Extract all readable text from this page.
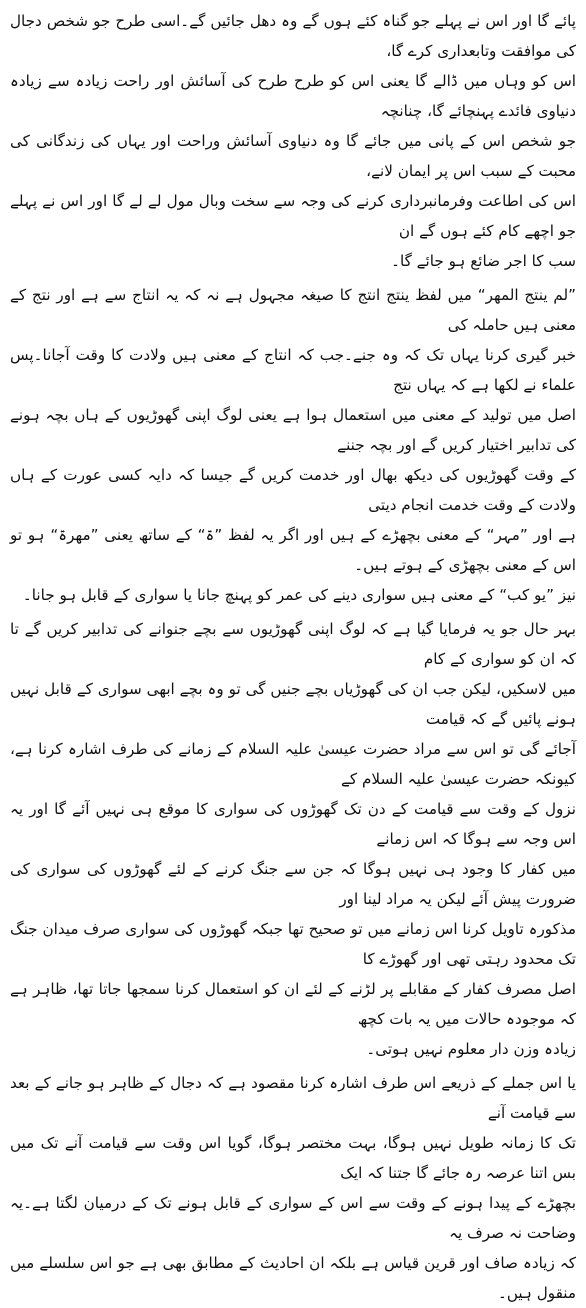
پائے گا اور اس نے پہلے جو گناہ کئے ہوں گے وہ دھل جائیں گے۔اسی طرح جو شخص دجال کی موافقت وتابعداری کرے گا،
اس کو وہاں میں ڈالے گا یعنی اس کو طرح طرح کی آسائش اور راحت زیادہ سے زیادہ دنیاوی فائدے پہنچائے گا، چنانچہ
جو شخص اس کے پانی میں جائے گا وہ دنیاوی آسائش وراحت اور یہاں کی زندگانی کی محبت کے سبب اس پر ایمان لانے،
اس کی اطاعت وفرمانبرداری کرنے کی وجہ سے سخت وبال مول لے لے گا اور اس نے پہلے جو اچھے کام کئے ہوں گے ان
سب کا اجر ضائع ہو جائے گا۔

”لم ینتج المھر“ میں لفظ ینتج انتج کا صیغہ مجہول ہے نہ کہ یہ انتاج سے ہے اور نتج کے معنی ہیں حاملہ کی
خبر گیری کرنا یہاں تک کہ وہ جنے۔جب کہ انتاج کے معنی ہیں ولادت کا وقت آجانا۔پس علماء نے لکھا ہے کہ یہاں نتج
اصل میں تولید کے معنی میں استعمال ہوا ہے یعنی لوگ اپنی گھوڑیوں کے ہاں بچہ ہونے کی تدابیر اختیار کریں گے اور بچہ جننے
کے وقت گھوڑیوں کی دیکھ بھال اور خدمت کریں گے جیسا کہ دایہ کسی عورت کے ہاں ولادت کے وقت خدمت انجام دیتی
ہے اور ”مہر“ کے معنی بچھڑے کے ہیں اور اگر یہ لفظ ”ۃ“ کے ساتھ یعنی ”مھرۃ“ ہو تو اس کے معنی بچھڑی کے ہوتے ہیں۔
نیز ”یو کب“ کے معنی ہیں سواری دینے کی عمر کو پہنچ جانا یا سواری کے قابل ہو جانا۔

بہر حال جو یہ فرمایا گیا ہے کہ لوگ اپنی گھوڑیوں سے بچے جنوانے کی تدابیر کریں گے تا کہ ان کو سواری کے کام
میں لاسکیں، لیکن جب ان کی گھوڑیاں بچے جنیں گی تو وہ بچے ابھی سواری کے قابل نہیں ہونے پائیں گے کہ قیامت
آجائے گی تو اس سے مراد حضرت عیسیٰ علیہ السلام کے زمانے کی طرف اشارہ کرنا ہے، کیونکہ حضرت عیسیٰ علیہ السلام کے
نزول کے وقت سے قیامت کے دن تک گھوڑوں کی سواری کا موقع ہی نہیں آئے گا اور یہ اس وجہ سے ہوگا کہ اس زمانے
میں کفار کا وجود ہی نہیں ہوگا کہ جن سے جنگ کرنے کے لئے گھوڑوں کی سواری کی ضرورت پیش آئے لیکن یہ مراد لینا اور
مذکورہ تاویل کرنا اس زمانے میں تو صحیح تھا جبکہ گھوڑوں کی سواری صرف میدان جنگ تک محدود رہتی تھی اور گھوڑے کا
اصل مصرف کفار کے مقابلے پر لڑنے کے لئے ان کو استعمال کرنا سمجھا جاتا تھا، ظاہر ہے کہ موجودہ حالات میں یہ بات کچھ
زیادہ وزن دار معلوم نہیں ہوتی۔

یا اس جملے کے ذریعے اس طرف اشارہ کرنا مقصود ہے کہ دجال کے ظاہر ہو جانے کے بعد سے قیامت آنے
تک کا زمانہ طویل نہیں ہوگا، بہت مختصر ہوگا، گویا اس وقت سے قیامت آنے تک میں بس اتنا عرصہ رہ جائے گا جتنا کہ ایک
بچھڑے کے پیدا ہونے کے وقت سے اس کے سواری کے قابل ہونے تک کے درمیان لگتا ہے۔یہ وضاحت نہ صرف یہ
کہ زیادہ صاف اور قرین قیاس ہے بلکہ ان احادیث کے مطابق بھی ہے جو اس سلسلے میں منقول ہیں۔
